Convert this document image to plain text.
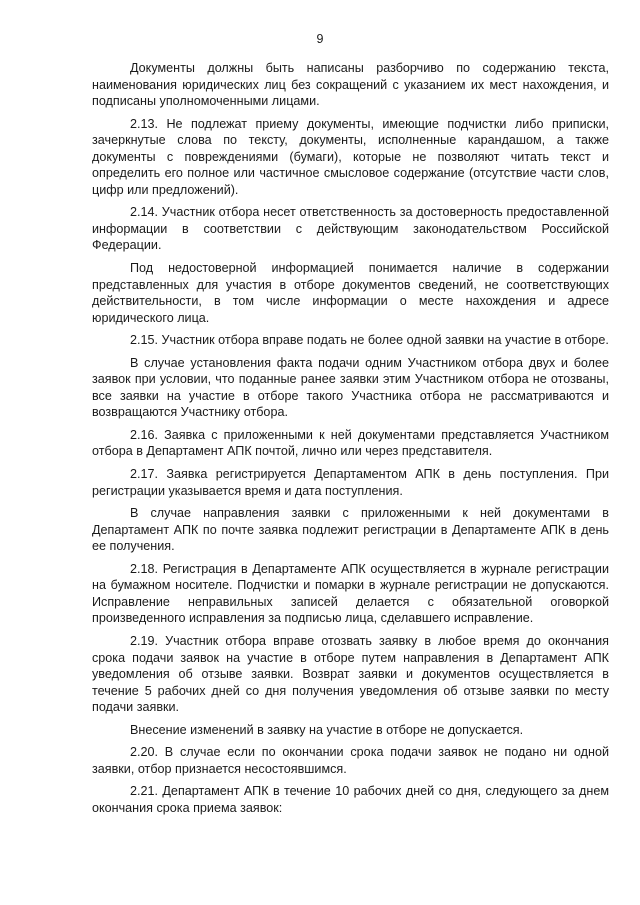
9

Документы должны быть написаны разборчиво по содержанию текста, наименования юридических лиц без сокращений с указанием их мест нахождения, и подписаны уполномоченными лицами.

2.13. Не подлежат приему документы, имеющие подчистки либо приписки, зачеркнутые слова по тексту, документы, исполненные карандашом, а также документы с повреждениями (бумаги), которые не позволяют читать текст и определить его полное или частичное смысловое содержание (отсутствие части слов, цифр или предложений).

2.14. Участник отбора несет ответственность за достоверность предоставленной информации в соответствии с действующим законодательством Российской Федерации.

Под недостоверной информацией понимается наличие в содержании представленных для участия в отборе документов сведений, не соответствующих действительности, в том числе информации о месте нахождения и адресе юридического лица.

2.15. Участник отбора вправе подать не более одной заявки на участие в отборе.

В случае установления факта подачи одним Участником отбора двух и более заявок при условии, что поданные ранее заявки этим Участником отбора не отозваны, все заявки на участие в отборе такого Участника отбора не рассматриваются и возвращаются Участнику отбора.

2.16. Заявка с приложенными к ней документами представляется Участником отбора в Департамент АПК почтой, лично или через представителя.

2.17. Заявка регистрируется Департаментом АПК в день поступления. При регистрации указывается время и дата поступления.

В случае направления заявки с приложенными к ней документами в Департамент АПК по почте заявка подлежит регистрации в Департаменте АПК в день ее получения.

2.18. Регистрация в Департаменте АПК осуществляется в журнале регистрации на бумажном носителе. Подчистки и помарки в журнале регистрации не допускаются. Исправление неправильных записей делается с обязательной оговоркой произведенного исправления за подписью лица, сделавшего исправление.

2.19. Участник отбора вправе отозвать заявку в любое время до окончания срока подачи заявок на участие в отборе путем направления в Департамент АПК уведомления об отзыве заявки. Возврат заявки и документов осуществляется в течение 5 рабочих дней со дня получения уведомления об отзыве заявки по месту подачи заявки.

Внесение изменений в заявку на участие в отборе не допускается.

2.20. В случае если по окончании срока подачи заявок не подано ни одной заявки, отбор признается несостоявшимся.

2.21. Департамент АПК в течение 10 рабочих дней со дня, следующего за днем окончания срока приема заявок:
